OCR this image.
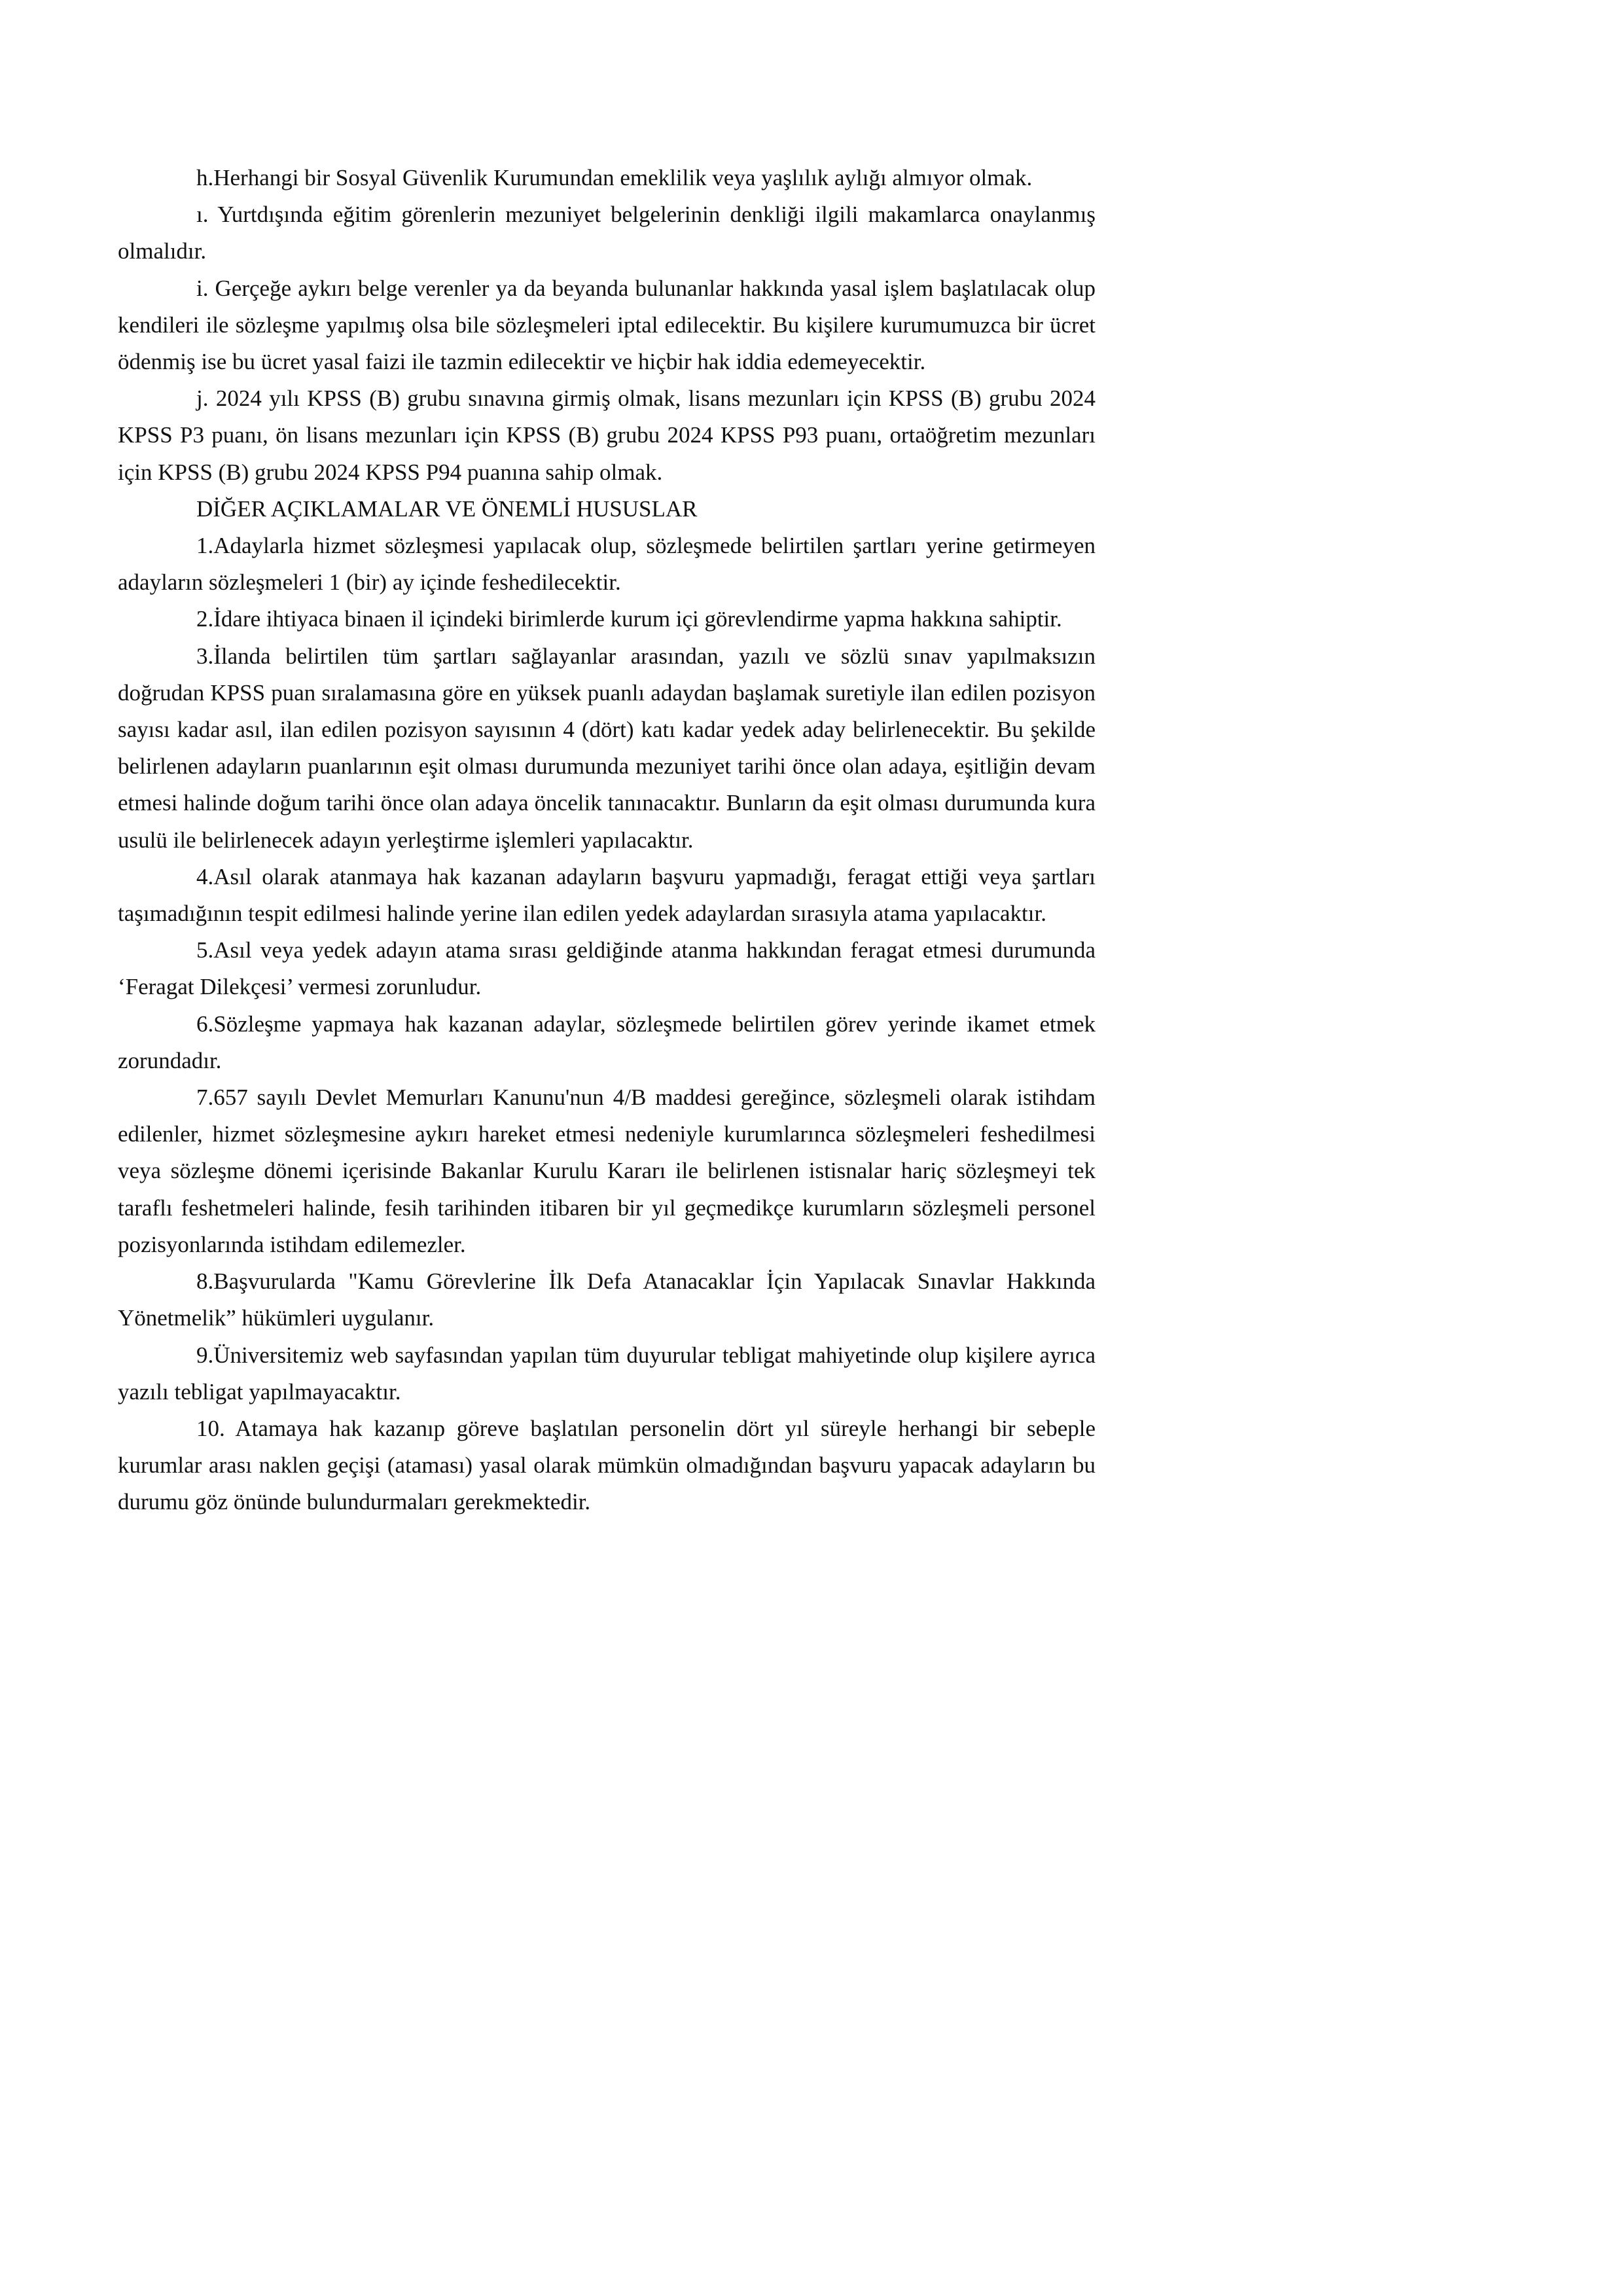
h.Herhangi bir Sosyal Güvenlik Kurumundan emeklilik veya yaşlılık aylığı almıyor olmak.

ı. Yurtdışında eğitim görenlerin mezuniyet belgelerinin denkliği ilgili makamlarca onaylanmış olmalıdır.

i. Gerçeğe aykırı belge verenler ya da beyanda bulunanlar hakkında yasal işlem başlatılacak olup kendileri ile sözleşme yapılmış olsa bile sözleşmeleri iptal edilecektir. Bu kişilere kurumumuzca bir ücret ödenmiş ise bu ücret yasal faizi ile tazmin edilecektir ve hiçbir hak iddia edemeyecektir.

j. 2024 yılı KPSS (B) grubu sınavına girmiş olmak, lisans mezunları için KPSS (B) grubu 2024 KPSS P3 puanı, ön lisans mezunları için KPSS (B) grubu 2024 KPSS P93 puanı, ortaöğretim mezunları için KPSS (B) grubu 2024 KPSS P94 puanına sahip olmak.

DİĞER AÇIKLAMALAR VE ÖNEMLİ HUSUSLAR

1.Adaylarla hizmet sözleşmesi yapılacak olup, sözleşmede belirtilen şartları yerine getirmeyen adayların sözleşmeleri 1 (bir) ay içinde feshedilecektir.

2.İdare ihtiyaca binaen il içindeki birimlerde kurum içi görevlendirme yapma hakkına sahiptir.

3.İlanda belirtilen tüm şartları sağlayanlar arasından, yazılı ve sözlü sınav yapılmaksızın doğrudan KPSS puan sıralamasına göre en yüksek puanlı adaydan başlamak suretiyle ilan edilen pozisyon sayısı kadar asıl, ilan edilen pozisyon sayısının 4 (dört) katı kadar yedek aday belirlenecektir. Bu şekilde belirlenen adayların puanlarının eşit olması durumunda mezuniyet tarihi önce olan adaya, eşitliğin devam etmesi halinde doğum tarihi önce olan adaya öncelik tanınacaktır. Bunların da eşit olması durumunda kura usulü ile belirlenecek adayın yerleştirme işlemleri yapılacaktır.

4.Asıl olarak atanmaya hak kazanan adayların başvuru yapmadığı, feragat ettiği veya şartları taşımadığının tespit edilmesi halinde yerine ilan edilen yedek adaylardan sırasıyla atama yapılacaktır.

5.Asıl veya yedek adayın atama sırası geldiğinde atanma hakkından feragat etmesi durumunda ‘Feragat Dilekçesi’ vermesi zorunludur.

6.Sözleşme yapmaya hak kazanan adaylar, sözleşmede belirtilen görev yerinde ikamet etmek zorundadır.

7.657 sayılı Devlet Memurları Kanunu'nun 4/B maddesi gereğince, sözleşmeli olarak istihdam edilenler, hizmet sözleşmesine aykırı hareket etmesi nedeniyle kurumlarınca sözleşmeleri feshedilmesi veya sözleşme dönemi içerisinde Bakanlar Kurulu Kararı ile belirlenen istisnalar hariç sözleşmeyi tek taraflı feshetmeleri halinde, fesih tarihinden itibaren bir yıl geçmedikçe kurumların sözleşmeli personel pozisyonlarında istihdam edilemezler.

8.Başvurularda "Kamu Görevlerine İlk Defa Atanacaklar İçin Yapılacak Sınavlar Hakkında Yönetmelik” hükümleri uygulanır.

9.Üniversitemiz web sayfasından yapılan tüm duyurular tebligat mahiyetinde olup kişilere ayrıca yazılı tebligat yapılmayacaktır.

10. Atamaya hak kazanıp göreve başlatılan personelin dört yıl süreyle herhangi bir sebeple kurumlar arası naklen geçişi (ataması) yasal olarak mümkün olmadığından başvuru yapacak adayların bu durumu göz önünde bulundurmaları gerekmektedir.
